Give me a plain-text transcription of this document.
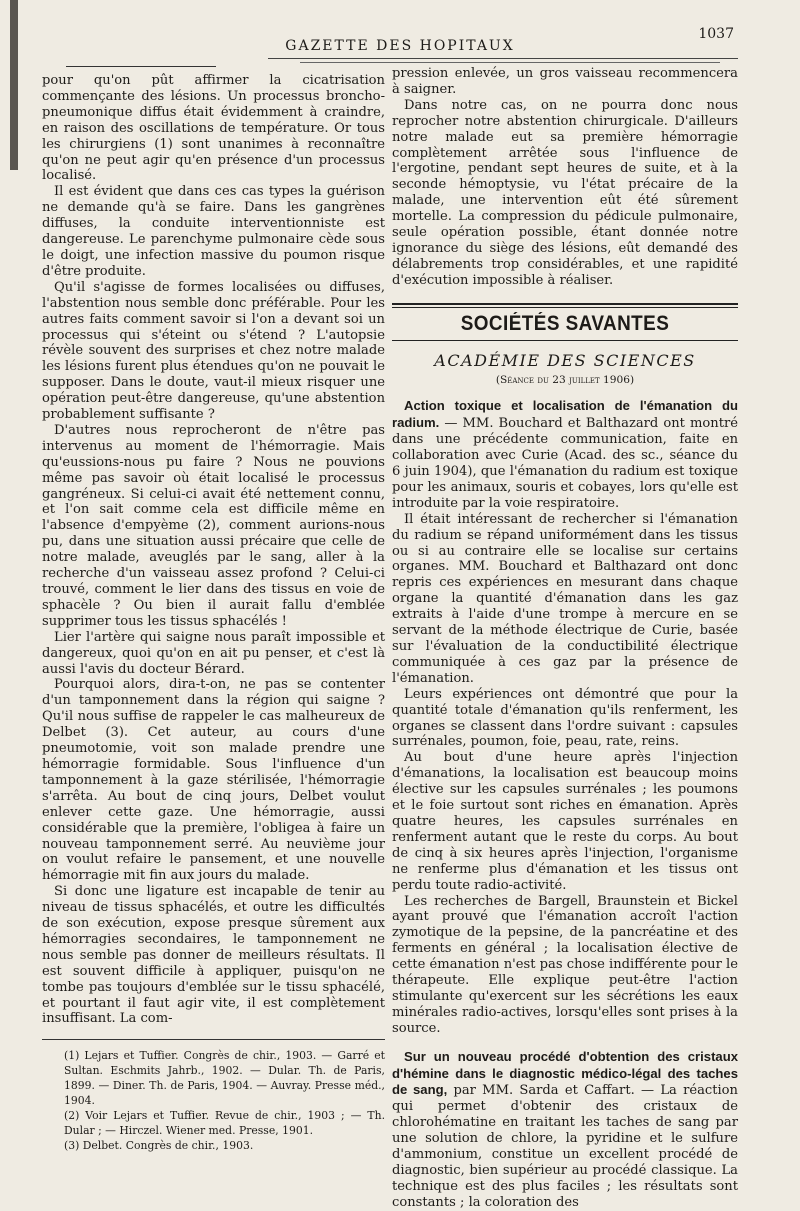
1037
GAZETTE DES HOPITAUX

pour qu'on pût affirmer la cicatrisation commençante des lésions. Un processus broncho-pneumonique diffus était évidemment à craindre, en raison des oscillations de température. Or tous les chirurgiens (1) sont unanimes à reconnaître qu'on ne peut agir qu'en présence d'un processus localisé.

Il est évident que dans ces cas types la guérison ne demande qu'à se faire. Dans les gangrènes diffuses, la conduite interventionniste est dangereuse. Le parenchyme pulmonaire cède sous le doigt, une infection massive du poumon risque d'être produite.

Qu'il s'agisse de formes localisées ou diffuses, l'abstention nous semble donc préférable. Pour les autres faits comment savoir si l'on a devant soi un processus qui s'éteint ou s'étend ? L'autopsie révèle souvent des surprises et chez notre malade les lésions furent plus étendues qu'on ne pouvait le supposer. Dans le doute, vaut-il mieux risquer une opération peut-être dangereuse, qu'une abstention probablement suffisante ?

D'autres nous reprocheront de n'être pas intervenus au moment de l'hémorragie. Mais qu'eussions-nous pu faire ? Nous ne pouvions même pas savoir où était localisé le processus gangréneux. Si celui-ci avait été nettement connu, et l'on sait comme cela est difficile même en l'absence d'empyème (2), comment aurions-nous pu, dans une situation aussi précaire que celle de notre malade, aveuglés par le sang, aller à la recherche d'un vaisseau assez profond ? Celui-ci trouvé, comment le lier dans des tissus en voie de sphacèle ? Ou bien il aurait fallu d'emblée supprimer tous les tissus sphacélés !

Lier l'artère qui saigne nous paraît impossible et dangereux, quoi qu'on en ait pu penser, et c'est là aussi l'avis du docteur Bérard.

Pourquoi alors, dira-t-on, ne pas se contenter d'un tamponnement dans la région qui saigne ? Qu'il nous suffise de rappeler le cas malheureux de Delbet (3). Cet auteur, au cours d'une pneumotomie, voit son malade prendre une hémorragie formidable. Sous l'influence d'un tamponnement à la gaze stérilisée, l'hémorragie s'arrêta. Au bout de cinq jours, Delbet voulut enlever cette gaze. Une hémorragie, aussi considérable que la première, l'obligea à faire un nouveau tamponnement serré. Au neuvième jour on voulut refaire le pansement, et une nouvelle hémorragie mit fin aux jours du malade.

Si donc une ligature est incapable de tenir au niveau de tissus sphacélés, et outre les difficultés de son exécution, expose presque sûrement aux hémorragies secondaires, le tamponnement ne nous semble pas donner de meilleurs résultats. Il est souvent difficile à appliquer, puisqu'on ne tombe pas toujours d'emblée sur le tissu sphacélé, et pourtant il faut agir vite, il est complètement insuffisant. La com-

(1) Lejars et Tuffier. Congrès de chir., 1903. — Garré et Sultan. Eschmits Jahrb., 1902. — Dular. Th. de Paris, 1899. — Diner. Th. de Paris, 1904. — Auvray. Presse méd., 1904.

(2) Voir Lejars et Tuffier. Revue de chir., 1903 ; — Th. Dular ; — Hirczel. Wiener med. Presse, 1901.

(3) Delbet. Congrès de chir., 1903.

pression enlevée, un gros vaisseau recommencera à saigner.

Dans notre cas, on ne pourra donc nous reprocher notre abstention chirurgicale. D'ailleurs notre malade eut sa première hémorragie complètement arrêtée sous l'influence de l'ergotine, pendant sept heures de suite, et à la seconde hémoptysie, vu l'état précaire de la malade, une intervention eût été sûrement mortelle. La compression du pédicule pulmonaire, seule opération possible, étant donnée notre ignorance du siège des lésions, eût demandé des délabrements trop considérables, et une rapidité d'exécution impossible à réaliser.

SOCIÉTÉS SAVANTES
ACADÉMIE DES SCIENCES
(Séance du 23 juillet 1906)

Action toxique et localisation de l'émanation du radium. — MM. Bouchard et Balthazard ont montré dans une précédente communication, faite en collaboration avec Curie (Acad. des sc., séance du 6 juin 1904), que l'émanation du radium est toxique pour les animaux, souris et cobayes, lors qu'elle est introduite par la voie respiratoire.

Il était intéressant de rechercher si l'émanation du radium se répand uniformément dans les tissus ou si au contraire elle se localise sur certains organes. MM. Bouchard et Balthazard ont donc repris ces expériences en mesurant dans chaque organe la quantité d'émanation dans les gaz extraits à l'aide d'une trompe à mercure en se servant de la méthode électrique de Curie, basée sur l'évaluation de la conductibilité électrique communiquée à ces gaz par la présence de l'émanation.

Leurs expériences ont démontré que pour la quantité totale d'émanation qu'ils renferment, les organes se classent dans l'ordre suivant : capsules surrénales, poumon, foie, peau, rate, reins.

Au bout d'une heure après l'injection d'émanations, la localisation est beaucoup moins élective sur les capsules surrénales ; les poumons et le foie surtout sont riches en émanation. Après quatre heures, les capsules surrénales en renferment autant que le reste du corps. Au bout de cinq à six heures après l'injection, l'organisme ne renferme plus d'émanation et les tissus ont perdu toute radio-activité.

Les recherches de Bargell, Braunstein et Bickel ayant prouvé que l'émanation accroît l'action zymotique de la pepsine, de la pancréatine et des ferments en général ; la localisation élective de cette émanation n'est pas chose indifférente pour le thérapeute. Elle explique peut-être l'action stimulante qu'exercent sur les sécrétions les eaux minérales radio-actives, lorsqu'elles sont prises à la source.

Sur un nouveau procédé d'obtention des cristaux d'hémine dans le diagnostic médico-légal des taches de sang, par MM. Sarda et Caffart. — La réaction qui permet d'obtenir des cristaux de chlorohématine en traitant les taches de sang par une solution de chlore, la pyridine et le sulfure d'ammonium, constitue un excellent procédé de diagnostic, bien supérieur au procédé classique. La technique est des plus faciles ; les résultats sont constants ; la coloration des
